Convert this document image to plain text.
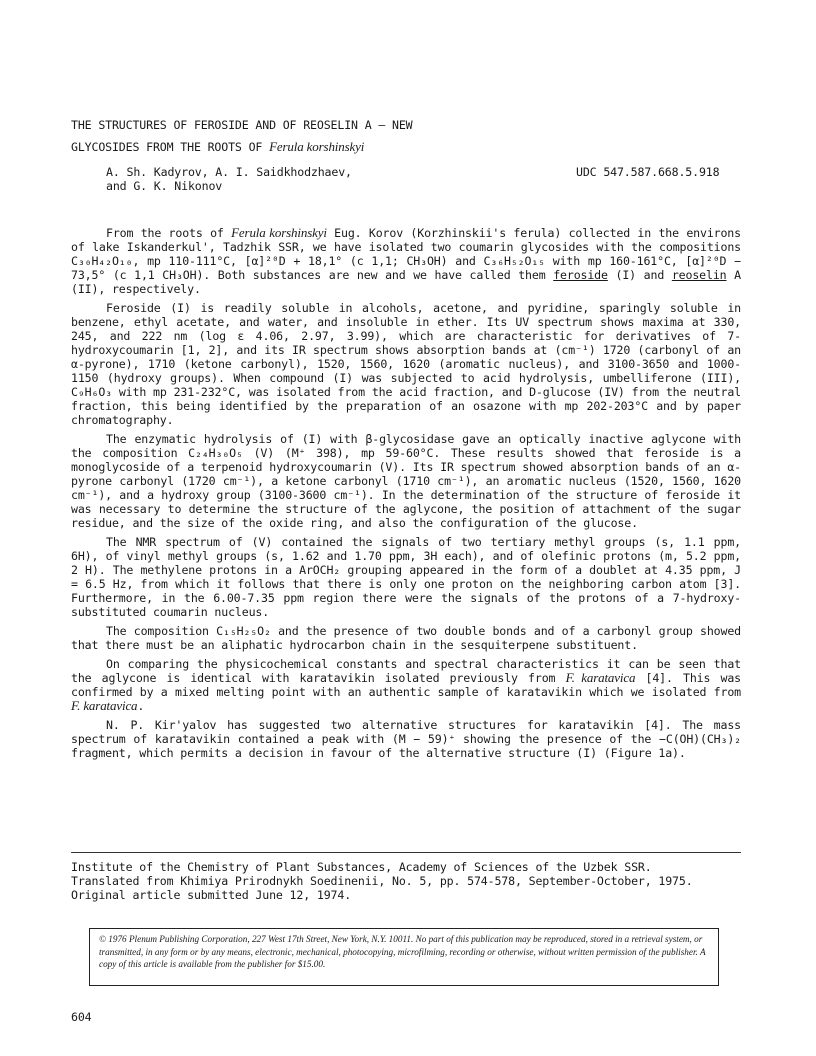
THE STRUCTURES OF FEROSIDE AND OF REOSELIN A — NEW
GLYCOSIDES FROM THE ROOTS OF Ferula korshinskyi
A. Sh. Kadyrov, A. I. Saidkhodzhaev,
and G. K. Nikonov
UDC 547.587.668.5.918

From the roots of Ferula korshinskyi Eug. Korov (Korzhinskii's ferula) collected in the environs of lake Iskanderkul', Tadzhik SSR, we have isolated two coumarin glycosides with the compositions C₃₀H₄₂O₁₀, mp 110-111°C, [α]²⁰D + 18,1° (c 1,1; CH₃OH) and C₃₆H₅₂O₁₅ with mp 160-161°C, [α]²⁰D − 73,5° (c 1,1 CH₃OH). Both substances are new and we have called them feroside (I) and reoselin A (II), respectively.

Feroside (I) is readily soluble in alcohols, acetone, and pyridine, sparingly soluble in benzene, ethyl acetate, and water, and insoluble in ether. Its UV spectrum shows maxima at 330, 245, and 222 nm (log ε 4.06, 2.97, 3.99), which are characteristic for derivatives of 7-hydroxycoumarin [1, 2], and its IR spectrum shows absorption bands at (cm⁻¹) 1720 (carbonyl of an α-pyrone), 1710 (ketone carbonyl), 1520, 1560, 1620 (aromatic nucleus), and 3100-3650 and 1000-1150 (hydroxy groups). When compound (I) was subjected to acid hydrolysis, umbelliferone (III), C₉H₆O₃ with mp 231-232°C, was isolated from the acid fraction, and D-glucose (IV) from the neutral fraction, this being identified by the preparation of an osazone with mp 202-203°C and by paper chromatography.

The enzymatic hydrolysis of (I) with β-glycosidase gave an optically inactive aglycone with the composition C₂₄H₃₀O₅ (V) (M⁺ 398), mp 59-60°C. These results showed that feroside is a monoglycoside of a terpenoid hydroxycoumarin (V). Its IR spectrum showed absorption bands of an α-pyrone carbonyl (1720 cm⁻¹), a ketone carbonyl (1710 cm⁻¹), an aromatic nucleus (1520, 1560, 1620 cm⁻¹), and a hydroxy group (3100-3600 cm⁻¹). In the determination of the structure of feroside it was necessary to determine the structure of the aglycone, the position of attachment of the sugar residue, and the size of the oxide ring, and also the configuration of the glucose.

The NMR spectrum of (V) contained the signals of two tertiary methyl groups (s, 1.1 ppm, 6H), of vinyl methyl groups (s, 1.62 and 1.70 ppm, 3H each), and of olefinic protons (m, 5.2 ppm, 2 H). The methylene protons in a ArOCH₂ grouping appeared in the form of a doublet at 4.35 ppm, J = 6.5 Hz, from which it follows that there is only one proton on the neighboring carbon atom [3]. Furthermore, in the 6.00-7.35 ppm region there were the signals of the protons of a 7-hydroxy-substituted coumarin nucleus.

The composition C₁₅H₂₅O₂ and the presence of two double bonds and of a carbonyl group showed that there must be an aliphatic hydrocarbon chain in the sesquiterpene substituent.

On comparing the physicochemical constants and spectral characteristics it can be seen that the aglycone is identical with karatavikin isolated previously from F. karatavica [4]. This was confirmed by a mixed melting point with an authentic sample of karatavikin which we isolated from F. karatavica.

N. P. Kir'yalov has suggested two alternative structures for karatavikin [4]. The mass spectrum of karatavikin contained a peak with (M − 59)⁺ showing the presence of the −C(OH)(CH₃)₂ fragment, which permits a decision in favour of the alternative structure (I) (Figure 1a).

Institute of the Chemistry of Plant Substances, Academy of Sciences of the Uzbek SSR.
Translated from Khimiya Prirodnykh Soedinenii, No. 5, pp. 574-578, September-October, 1975.
Original article submitted June 12, 1974.
© 1976 Plenum Publishing Corporation, 227 West 17th Street, New York, N.Y. 10011. No part of this publication may be reproduced, stored in a retrieval system, or transmitted, in any form or by any means, electronic, mechanical, photocopying, microfilming, recording or otherwise, without written permission of the publisher. A copy of this article is available from the publisher for $15.00.
604
